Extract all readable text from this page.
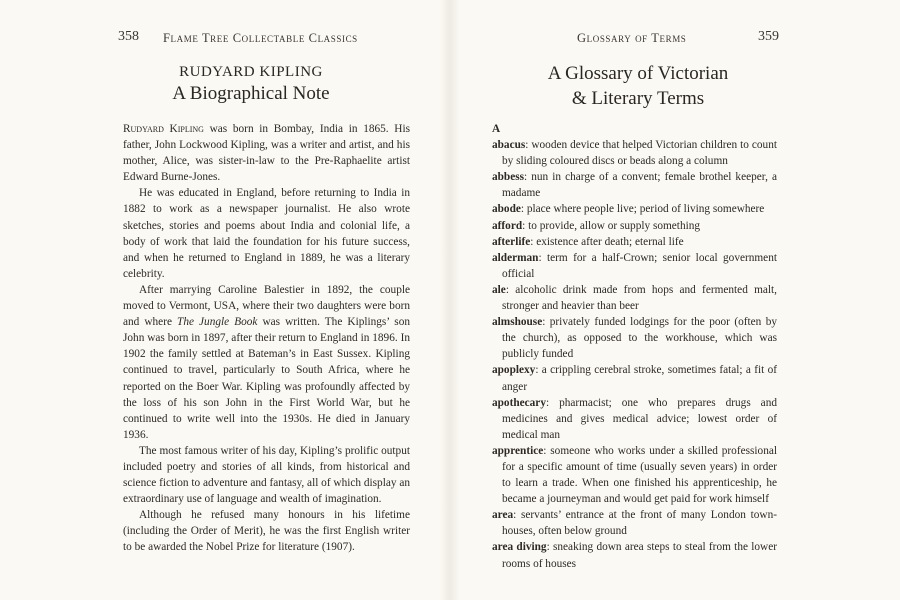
358 Flame Tree Collectable Classics
RUDYARD KIPLING
A Biographical Note

Rudyard Kipling was born in Bombay, India in 1865. His father, John Lockwood Kipling, was a writer and artist, and his mother, Alice, was sister-in-law to the Pre-Raphaelite artist Edward Burne-Jones.

He was educated in England, before returning to India in 1882 to work as a newspaper journalist. He also wrote sketches, stories and poems about India and colonial life, a body of work that laid the foundation for his future success, and when he returned to England in 1889, he was a literary celebrity.

After marrying Caroline Balestier in 1892, the couple moved to Vermont, USA, where their two daughters were born and where The Jungle Book was written. The Kiplings’ son John was born in 1897, after their return to England in 1896. In 1902 the family settled at Bateman’s in East Sussex. Kipling continued to travel, particularly to South Africa, where he reported on the Boer War. Kipling was profoundly affected by the loss of his son John in the First World War, but he continued to write well into the 1930s. He died in January 1936.

The most famous writer of his day, Kipling’s prolific output included poetry and stories of all kinds, from historical and science fiction to adventure and fantasy, all of which display an extraordinary use of language and wealth of imagination.

Although he refused many honours in his lifetime (including the Order of Merit), he was the first English writer to be awarded the Nobel Prize for literature (1907).

Glossary of Terms	359
A Glossary of Victorian
& Literary Terms
A
abacus: wooden device that helped Victorian children to count by sliding coloured discs or beads along a column
abbess: nun in charge of a convent; female brothel keeper, a madame
abode: place where people live; period of living somewhere
afford: to provide, allow or supply something
afterlife: existence after death; eternal life
alderman: term for a half-Crown; senior local government official
ale: alcoholic drink made from hops and fermented malt, stronger and heavier than beer
almshouse: privately funded lodgings for the poor (often by the church), as opposed to the workhouse, which was publicly funded
apoplexy: a crippling cerebral stroke, sometimes fatal; a fit of anger
apothecary: pharmacist; one who prepares drugs and medicines and gives medical advice; lowest order of medical man
apprentice: someone who works under a skilled professional for a specific amount of time (usually seven years) in order to learn a trade. When one finished his apprenticeship, he became a journeyman and would get paid for work himself
area: servants’ entrance at the front of many London town-houses, often below ground
area diving: sneaking down area steps to steal from the lower rooms of houses
